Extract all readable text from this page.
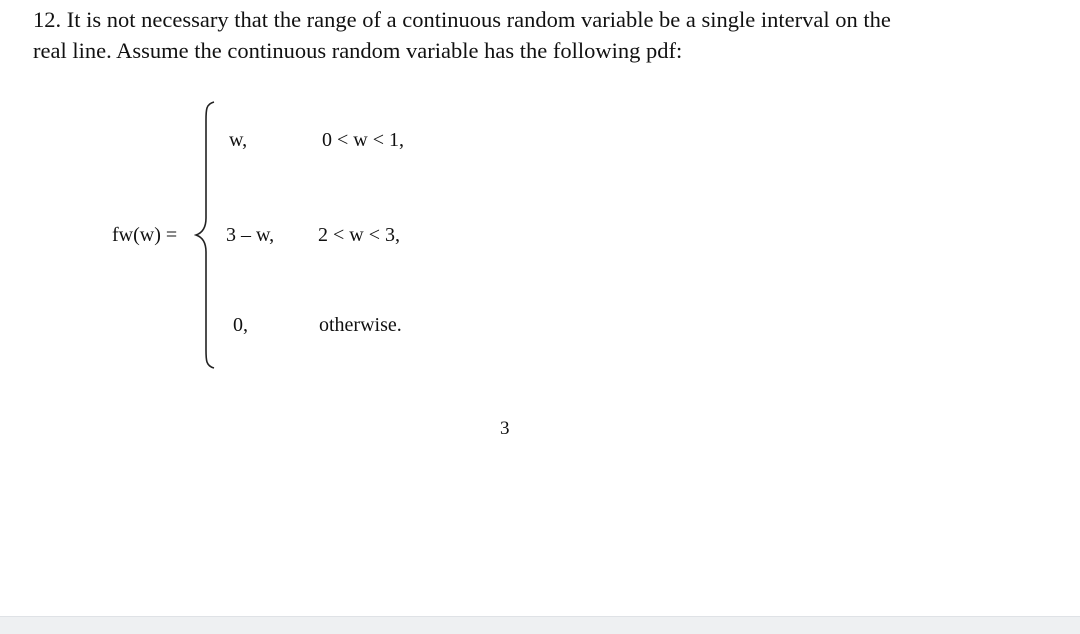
12. It is not necessary that the range of a continuous random variable be a single interval on the
real line. Assume the continuous random variable has the following pdf:

fw(w) =
w,	0 < w < 1,
3 – w, 2 < w < 3,
0,	otherwise.
3
